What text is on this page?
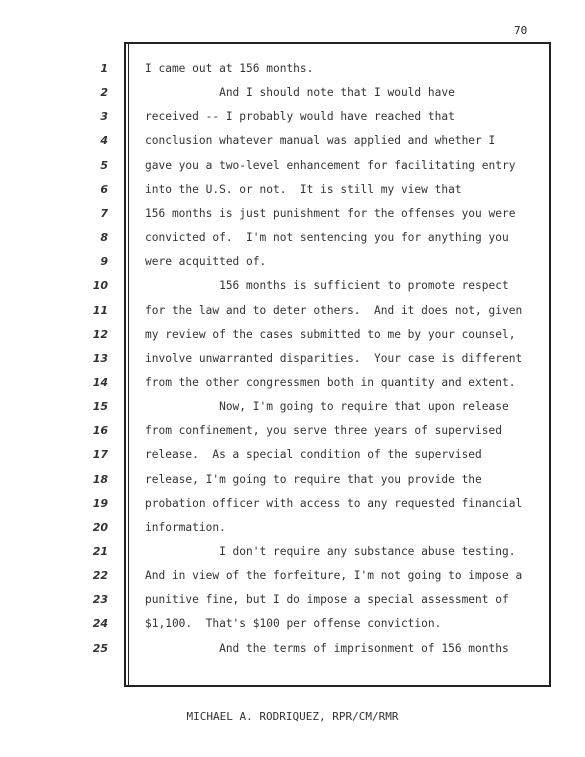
70
1	I came out at 156 months.
2	And I should note that I would have
3	received -- I probably would have reached that
4	conclusion whatever manual was applied and whether I
5	gave you a two-level enhancement for facilitating entry
6	into the U.S. or not.  It is still my view that
7	156 months is just punishment for the offenses you were
8	convicted of.  I'm not sentencing you for anything you
9	were acquitted of.
10	156 months is sufficient to promote respect
11	for the law and to deter others.  And it does not, given
12	my review of the cases submitted to me by your counsel,
13	involve unwarranted disparities.  Your case is different
14	from the other congressmen both in quantity and extent.
15	Now, I'm going to require that upon release
16	from confinement, you serve three years of supervised
17	release.  As a special condition of the supervised
18	release, I'm going to require that you provide the
19	probation officer with access to any requested financial
20	information.
21	I don't require any substance abuse testing.
22	And in view of the forfeiture, I'm not going to impose a
23	punitive fine, but I do impose a special assessment of
24	$1,100.  That's $100 per offense conviction.
25	And the terms of imprisonment of 156 months
MICHAEL A. RODRIQUEZ, RPR/CM/RMR
